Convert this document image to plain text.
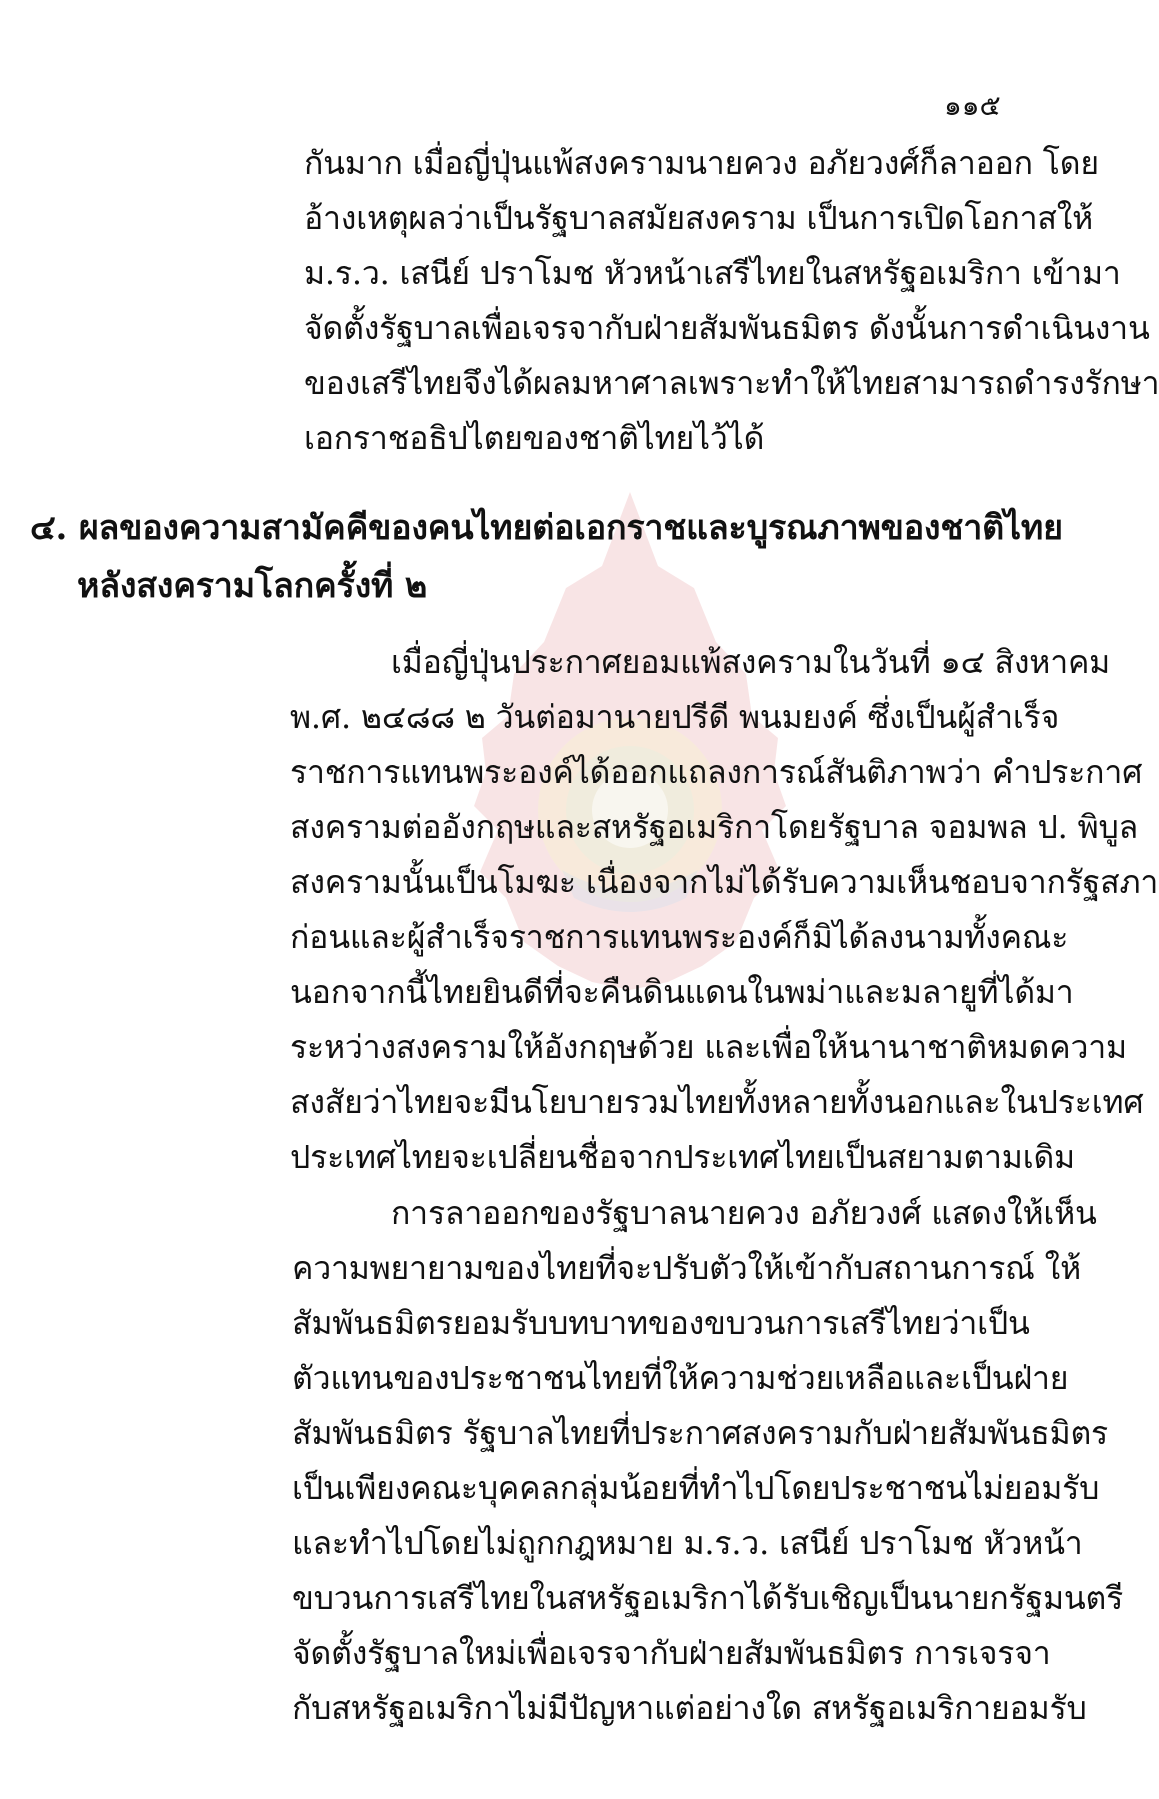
๑๑๕
กันมาก เมื่อญี่ปุ่นแพ้สงครามนายควง อภัยวงศ์ก็ลาออก โดย
อ้างเหตุผลว่าเป็นรัฐบาลสมัยสงคราม เป็นการเปิดโอกาสให้
ม.ร.ว. เสนีย์ ปราโมช หัวหน้าเสรีไทยในสหรัฐอเมริกา เข้ามา
จัดตั้งรัฐบาลเพื่อเจรจากับฝ่ายสัมพันธมิตร ดังนั้นการดำเนินงาน
ของเสรีไทยจึงได้ผลมหาศาลเพราะทำให้ไทยสามารถดำรงรักษา
เอกราชอธิปไตยของชาติไทยไว้ได้
๔. ผลของความสามัคคีของคนไทยต่อเอกราชและบูรณภาพของชาติไทย
หลังสงครามโลกครั้งที่ ๒
เมื่อญี่ปุ่นประกาศยอมแพ้สงครามในวันที่ ๑๔ สิงหาคม
พ.ศ. ๒๔๘๘ ๒ วันต่อมานายปรีดี พนมยงค์ ซึ่งเป็นผู้สำเร็จ
ราชการแทนพระองค์ได้ออกแถลงการณ์สันติภาพว่า คำประกาศ
สงครามต่ออังกฤษและสหรัฐอเมริกาโดยรัฐบาล จอมพล ป. พิบูล
สงครามนั้นเป็นโมฆะ เนื่องจากไม่ได้รับความเห็นชอบจากรัฐสภา
ก่อนและผู้สำเร็จราชการแทนพระองค์ก็มิได้ลงนามทั้งคณะ
นอกจากนี้ไทยยินดีที่จะคืนดินแดนในพม่าและมลายูที่ได้มา
ระหว่างสงครามให้อังกฤษด้วย และเพื่อให้นานาชาติหมดความ
สงสัยว่าไทยจะมีนโยบายรวมไทยทั้งหลายทั้งนอกและในประเทศ
ประเทศไทยจะเปลี่ยนชื่อจากประเทศไทยเป็นสยามตามเดิม
การลาออกของรัฐบาลนายควง อภัยวงศ์ แสดงให้เห็น
ความพยายามของไทยที่จะปรับตัวให้เข้ากับสถานการณ์ ให้
สัมพันธมิตรยอมรับบทบาทของขบวนการเสรีไทยว่าเป็น
ตัวแทนของประชาชนไทยที่ให้ความช่วยเหลือและเป็นฝ่าย
สัมพันธมิตร รัฐบาลไทยที่ประกาศสงครามกับฝ่ายสัมพันธมิตร
เป็นเพียงคณะบุคคลกลุ่มน้อยที่ทำไปโดยประชาชนไม่ยอมรับ
และทำไปโดยไม่ถูกกฎหมาย ม.ร.ว. เสนีย์ ปราโมช หัวหน้า
ขบวนการเสรีไทยในสหรัฐอเมริกาได้รับเชิญเป็นนายกรัฐมนตรี
จัดตั้งรัฐบาลใหม่เพื่อเจรจากับฝ่ายสัมพันธมิตร การเจรจา
กับสหรัฐอเมริกาไม่มีปัญหาแต่อย่างใด สหรัฐอเมริกายอมรับ
